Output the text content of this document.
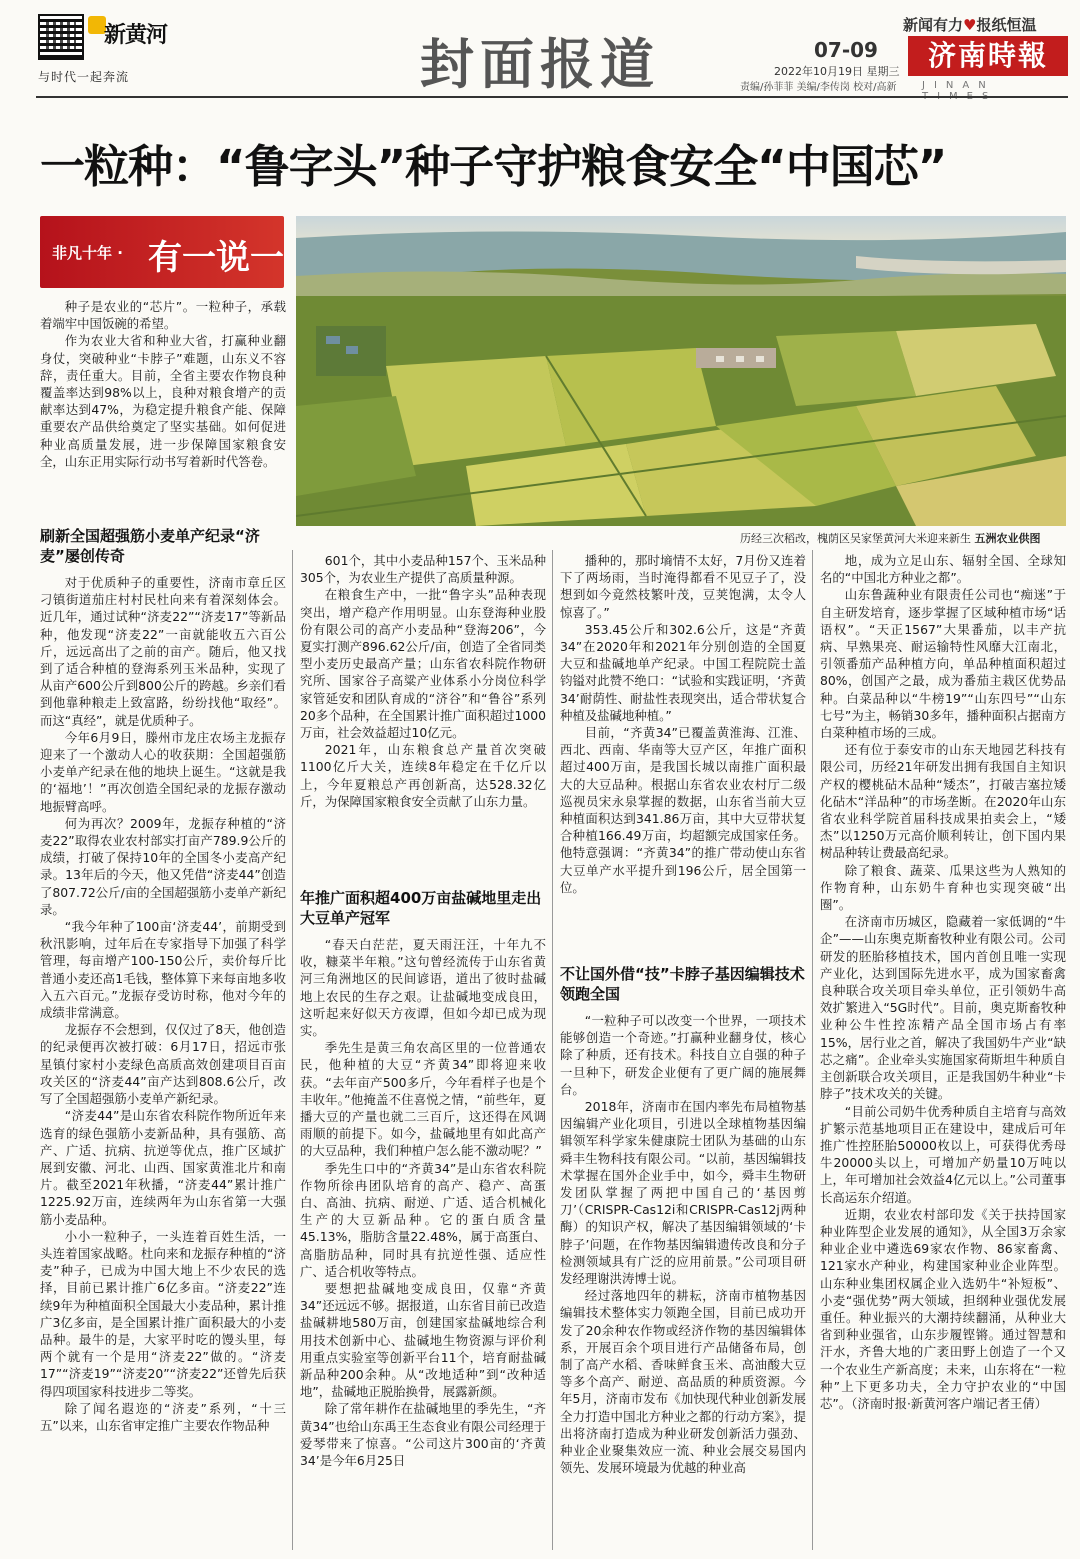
新黄河
与时代一起奔流	封面报道
新闻有力♥报纸恒温
07-09	济南時報
JINAN
2022年10月19日 星期三
责编/孙菲菲 美编/李传岗 校对/高新
一粒种：“鲁字头”种子守护粮食安全“中国芯”
非凡十年 · 有一说一
历经三次稻改，槐荫区吴家堡黄河大米迎来新生 五洲农业供图

种子是农业的“芯片”。一粒种子，承载着端牢中国饭碗的希望。

作为农业大省和种业大省，打赢种业翻身仗，突破种业“卡脖子”难题，山东义不容辞，责任重大。目前，全省主要农作物良种覆盖率达到98%以上，良种对粮食增产的贡献率达到47%，为稳定提升粮食产能、保障重要农产品供给奠定了坚实基础。如何促进种业高质量发展，进一步保障国家粮食安全，山东正用实际行动书写着新时代答卷。

刷新全国超强筋小麦单产纪录“济麦”屡创传奇

对于优质种子的重要性，济南市章丘区刁镇街道茄庄村村民杜向来有着深刻体会。近几年，通过试种“济麦22”“济麦17”等新品种，他发现“济麦22”一亩就能收五六百公斤，远远高出了之前的亩产。随后，他又找到了适合种植的登海系列玉米品种，实现了从亩产600公斤到800公斤的跨越。乡亲们看到他靠种粮走上致富路，纷纷找他“取经”。而这“真经”，就是优质种子。

今年6月9日，滕州市龙庄农场主龙振存迎来了一个激动人心的收获期：全国超强筋小麦单产纪录在他的地块上诞生。“这就是我的‘福地’！”再次创造全国纪录的龙振存激动地振臂高呼。

何为再次？2009年，龙振存种植的“济麦22”取得农业农村部实打亩产789.9公斤的成绩，打破了保持10年的全国冬小麦高产纪录。13年后的今天，他又凭借“济麦44”创造了807.72公斤/亩的全国超强筋小麦单产新纪录。

“我今年种了100亩‘济麦44’，前期受到秋汛影响，过年后在专家指导下加强了科学管理，每亩增产100-150公斤，卖价每斤比普通小麦还高1毛钱，整体算下来每亩地多收入五六百元。”龙振存受访时称，他对今年的成绩非常满意。

龙振存不会想到，仅仅过了8天，他创造的纪录便再次被打破：6月17日，招远市张星镇付家村小麦绿色高质高效创建项目百亩攻关区的“济麦44”亩产达到808.6公斤，改写了全国超强筋小麦单产新纪录。

“济麦44”是山东省农科院作物所近年来选育的绿色强筋小麦新品种，具有强筋、高产、广适、抗病、抗逆等优点，推广区域扩展到安徽、河北、山西、国家黄淮北片和南片。截至2021年秋播，“济麦44”累计推广1225.92万亩，连续两年为山东省第一大强筋小麦品种。

小小一粒种子，一头连着百姓生活，一头连着国家战略。杜向来和龙振存种植的“济麦”种子，已成为中国大地上不少农民的选择，目前已累计推广6亿多亩。“济麦22”连续9年为种植面积全国最大小麦品种，累计推广3亿多亩，是全国累计推广面积最大的小麦品种。最牛的是，大家平时吃的馒头里，每两个就有一个是用“济麦22”做的。“济麦17”“济麦19”“济麦20”“济麦22”还曾先后获得四项国家科技进步二等奖。

除了闻名遐迩的“济麦”系列，“十三五”以来，山东省审定推广主要农作物品种

601个，其中小麦品种157个、玉米品种305个，为农业生产提供了高质量种源。

在粮食生产中，一批“鲁字头”品种表现突出，增产稳产作用明显。山东登海种业股份有限公司的高产小麦品种“登海206”，今夏实打测产896.62公斤/亩，创造了全省同类型小麦历史最高产量；山东省农科院作物研究所、国家谷子高粱产业体系小分岗位科学家管延安和团队育成的“济谷”和“鲁谷”系列20多个品种，在全国累计推广面积超过1000万亩，社会效益超过10亿元。

2021年，山东粮食总产量首次突破1100亿斤大关，连续8年稳定在千亿斤以上，今年夏粮总产再创新高，达528.32亿斤，为保障国家粮食安全贡献了山东力量。

年推广面积超400万亩盐碱地里走出大豆单产冠军

“春天白茫茫，夏天雨汪汪，十年九不收，糠菜半年粮。”这句曾经流传于山东省黄河三角洲地区的民间谚语，道出了彼时盐碱地上农民的生存之艰。让盐碱地变成良田，这听起来好似天方夜谭，但如今却已成为现实。

季先生是黄三角农高区里的一位普通农民，他种植的大豆“齐黄34”即将迎来收获。“去年亩产500多斤，今年看样子也是个丰收年。”他掩盖不住喜悦之情，“前些年，夏播大豆的产量也就二三百斤，这还得在风调雨顺的前提下。如今，盐碱地里有如此高产的大豆品种，我们种植户怎么能不激动呢？”

季先生口中的“齐黄34”是山东省农科院作物所徐冉团队培育的高产、稳产、高蛋白、高油、抗病、耐逆、广适、适合机械化生产的大豆新品种。它的蛋白质含量45.13%，脂肪含量22.48%，属于高蛋白、高脂肪品种，同时具有抗逆性强、适应性广、适合机收等特点。

要想把盐碱地变成良田，仅靠“齐黄34”还远远不够。据报道，山东省目前已改造盐碱耕地580万亩，创建国家盐碱地综合利用技术创新中心、盐碱地生物资源与评价利用重点实验室等创新平台11个，培育耐盐碱新品种200余种。从“改地适种”到“改种适地”，盐碱地正脱胎换骨，展露新颜。

除了常年耕作在盐碱地里的季先生，“齐黄34”也给山东禹王生态食业有限公司经理于爱琴带来了惊喜。“公司这片300亩的‘齐黄34’是今年6月25日

播种的，那时墒情不太好，7月份又连着下了两场雨，当时淹得都看不见豆子了，没想到如今竟然枝繁叶茂，豆荚饱满，太令人惊喜了。”

353.45公斤和302.6公斤，这是“齐黄34”在2020年和2021年分别创造的全国夏大豆和盐碱地单产纪录。中国工程院院士盖钧镒对此赞不绝口：“试验和实践证明，‘齐黄34’耐荫性、耐盐性表现突出，适合带状复合种植及盐碱地种植。”

目前，“齐黄34”已覆盖黄淮海、江淮、西北、西南、华南等大豆产区，年推广面积超过400万亩，是我国长城以南推广面积最大的大豆品种。根据山东省农业农村厅二级巡视员宋永泉掌握的数据，山东省当前大豆种植面积达到341.86万亩，其中大豆带状复合种植166.49万亩，均超额完成国家任务。他特意强调：“齐黄34”的推广带动使山东省大豆单产水平提升到196公斤，居全国第一位。

不让国外借“技”卡脖子基因编辑技术领跑全国

“一粒种子可以改变一个世界，一项技术能够创造一个奇迹。”打赢种业翻身仗，核心除了种质，还有技术。科技自立自强的种子一旦种下，研发企业便有了更广阔的施展舞台。

2018年，济南市在国内率先布局植物基因编辑产业化项目，引进以全球植物基因编辑领军科学家朱健康院士团队为基础的山东舜丰生物科技有限公司。“以前，基因编辑技术掌握在国外企业手中，如今，舜丰生物研发团队掌握了两把中国自己的‘基因剪刀’（CRISPR-Cas12i和CRISPR-Cas12j两种酶）的知识产权，解决了基因编辑领域的‘卡脖子’问题，在作物基因编辑遗传改良和分子检测领域具有广泛的应用前景。”公司项目研发经理谢洪涛博士说。

经过落地四年的耕耘，济南市植物基因编辑技术整体实力领跑全国，目前已成功开发了20余种农作物或经济作物的基因编辑体系，开展百余个项目进行产品储备布局，创制了高产水稻、香味鲜食玉米、高油酸大豆等多个高产、耐逆、高品质的种质资源。今年5月，济南市发布《加快现代种业创新发展全力打造中国北方种业之都的行动方案》，提出将济南打造成为种业研发创新活力强劲、种业企业聚集效应一流、种业会展交易国内领先、发展环境最为优越的种业高

地，成为立足山东、辐射全国、全球知名的“中国北方种业之都”。

山东鲁蔬种业有限责任公司也“痴迷”于自主研发培育，逐步掌握了区域种植市场“话语权”。“天正1567”大果番茄，以丰产抗病、早熟果亮、耐运输特性风靡大江南北，引领番茄产品种植方向，单品种植面积超过80%，创国产之最，成为番茄主栽区优势品种。白菜品种以“牛榜19”“山东四号”“山东七号”为主，畅销30多年，播种面积占据南方白菜种植市场的三成。

还有位于泰安市的山东天地园艺科技有限公司，历经21年研发出拥有我国自主知识产权的樱桃砧木品种“矮杰”，打破吉塞拉矮化砧木“洋品种”的市场垄断。在2020年山东省农业科学院首届科技成果拍卖会上，“矮杰”以1250万元高价顺利转让，创下国内果树品种转让费最高纪录。

除了粮食、蔬菜、瓜果这些为人熟知的作物育种，山东奶牛育种也实现突破“出圈”。

在济南市历城区，隐藏着一家低调的“牛企”——山东奥克斯畜牧种业有限公司。公司研发的胚胎移植技术，国内首创且唯一实现产业化，达到国际先进水平，成为国家畜禽良种联合攻关项目牵头单位，正引领奶牛高效扩繁进入“5G时代”。目前，奥克斯畜牧种业种公牛性控冻精产品全国市场占有率15%，居行业之首，解决了我国奶牛产业“缺芯之痛”。企业牵头实施国家荷斯坦牛种质自主创新联合攻关项目，正是我国奶牛种业“卡脖子”技术攻关的关键。

“目前公司奶牛优秀种质自主培育与高效扩繁示范基地项目正在建设中，建成后可年推广性控胚胎50000枚以上，可获得优秀母牛20000头以上，可增加产奶量10万吨以上，年可增加社会效益4亿元以上。”公司董事长高运东介绍道。

近期，农业农村部印发《关于扶持国家种业阵型企业发展的通知》，从全国3万余家种业企业中遴选69家农作物、86家畜禽、121家水产种业，构建国家种业企业阵型。山东种业集团权属企业入选奶牛“补短板”、小麦“强优势”两大领域，担纲种业强优发展重任。种业振兴的大潮持续翻涌，从种业大省到种业强省，山东步履铿锵。通过智慧和汗水，齐鲁大地的广袤田野上创造了一个又一个农业生产新高度；未来，山东将在“一粒种”上下更多功夫，全力守护农业的“中国芯”。（济南时报·新黄河客户端记者王倩）
